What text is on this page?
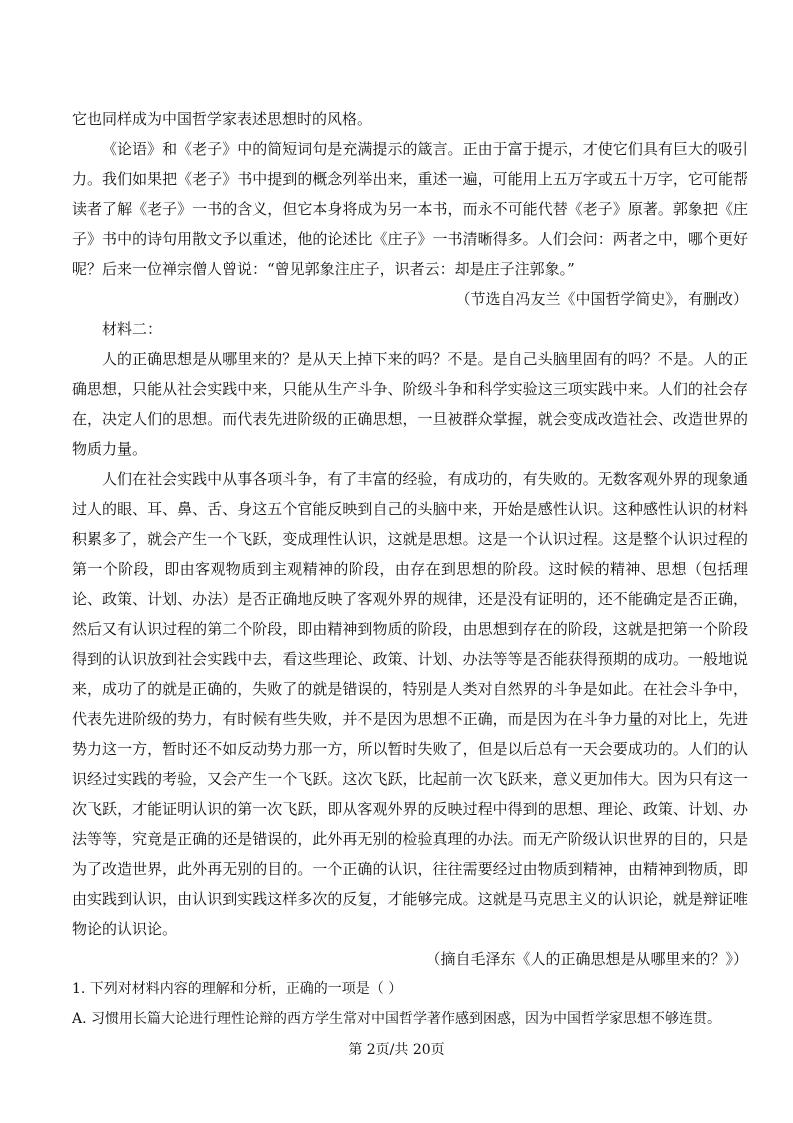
它也同样成为中国哲学家表述思想时的风格。

《论语》和《老子》中的简短词句是充满提示的箴言。正由于富于提示，才使它们具有巨大的吸引力。我们如果把《老子》书中提到的概念列举出来，重述一遍，可能用上五万字或五十万字，它可能帮读者了解《老子》一书的含义，但它本身将成为另一本书，而永不可能代替《老子》原著。郭象把《庄子》书中的诗句用散文予以重述，他的论述比《庄子》一书清晰得多。人们会问：两者之中，哪个更好呢？后来一位禅宗僧人曾说：“曾见郭象注庄子，识者云：却是庄子注郭象。”

（节选自冯友兰《中国哲学简史》，有删改）

材料二：

人的正确思想是从哪里来的？是从天上掉下来的吗？不是。是自己头脑里固有的吗？不是。人的正确思想，只能从社会实践中来，只能从生产斗争、阶级斗争和科学实验这三项实践中来。人们的社会存在，决定人们的思想。而代表先进阶级的正确思想，一旦被群众掌握，就会变成改造社会、改造世界的物质力量。

人们在社会实践中从事各项斗争，有了丰富的经验，有成功的，有失败的。无数客观外界的现象通过人的眼、耳、鼻、舌、身这五个官能反映到自己的头脑中来，开始是感性认识。这种感性认识的材料积累多了，就会产生一个飞跃，变成理性认识，这就是思想。这是一个认识过程。这是整个认识过程的第一个阶段，即由客观物质到主观精神的阶段，由存在到思想的阶段。这时候的精神、思想（包括理论、政策、计划、办法）是否正确地反映了客观外界的规律，还是没有证明的，还不能确定是否正确，然后又有认识过程的第二个阶段，即由精神到物质的阶段，由思想到存在的阶段，这就是把第一个阶段得到的认识放到社会实践中去，看这些理论、政策、计划、办法等等是否能获得预期的成功。一般地说来，成功了的就是正确的，失败了的就是错误的，特别是人类对自然界的斗争是如此。在社会斗争中，代表先进阶级的势力，有时候有些失败，并不是因为思想不正确，而是因为在斗争力量的对比上，先进势力这一方，暂时还不如反动势力那一方，所以暂时失败了，但是以后总有一天会要成功的。人们的认识经过实践的考验，又会产生一个飞跃。这次飞跃，比起前一次飞跃来，意义更加伟大。因为只有这一次飞跃，才能证明认识的第一次飞跃，即从客观外界的反映过程中得到的思想、理论、政策、计划、办法等等，究竟是正确的还是错误的，此外再无别的检验真理的办法。而无产阶级认识世界的目的，只是为了改造世界，此外再无别的目的。一个正确的认识，往往需要经过由物质到精神，由精神到物质，即由实践到认识，由认识到实践这样多次的反复，才能够完成。这就是马克思主义的认识论，就是辩证唯物论的认识论。

（摘自毛泽东《人的正确思想是从哪里来的？》）

1. 下列对材料内容的理解和分析，正确的一项是（ ）

A. 习惯用长篇大论进行理性论辩的西方学生常对中国哲学著作感到困惑，因为中国哲学家思想不够连贯。

第 2页/共 20页
